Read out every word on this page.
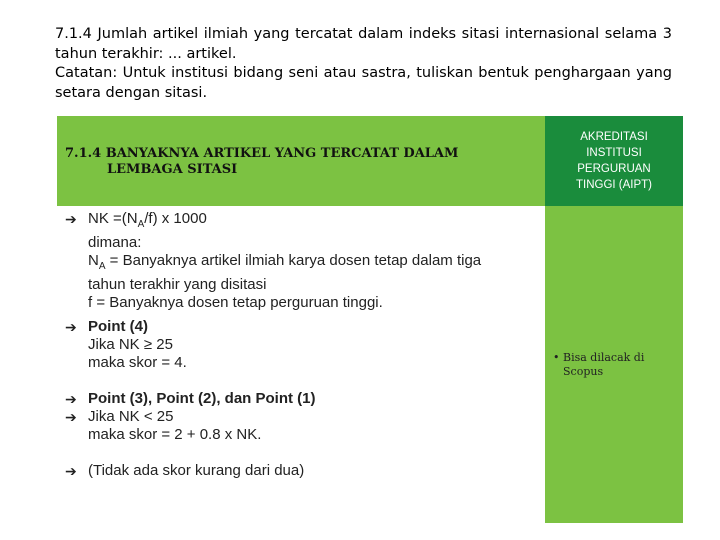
7.1.4 Jumlah artikel ilmiah yang tercatat dalam indeks sitasi internasional selama 3 tahun terakhir: ... artikel.

Catatan: Untuk institusi bidang seni atau sastra, tuliskan bentuk penghargaan yang setara dengan sitasi.

7.1.4 BANYAKNYA ARTIKEL YANG TERCATAT DALAM
LEMBAGA SITASI
AKREDITASI
INSTITUSI
PERGURUAN
TINGGI (AIPT)
• Bisa dilacak di
Scopus
➔ NK $=(N_A/f)$ x 1000
dimana:
$N_A$ = Banyaknya artikel ilmiah karya dosen tetap dalam tiga
tahun terakhir yang disitasi
f = Banyaknya dosen tetap perguruan tinggi.
➔ Point (4)
Jika NK ≥ 25
maka skor = 4.
➔ Point (3), Point (2), dan Point (1)
➔ Jika NK < 25
maka skor = 2 + 0.8 x NK.
➔ (Tidak ada skor kurang dari dua)
